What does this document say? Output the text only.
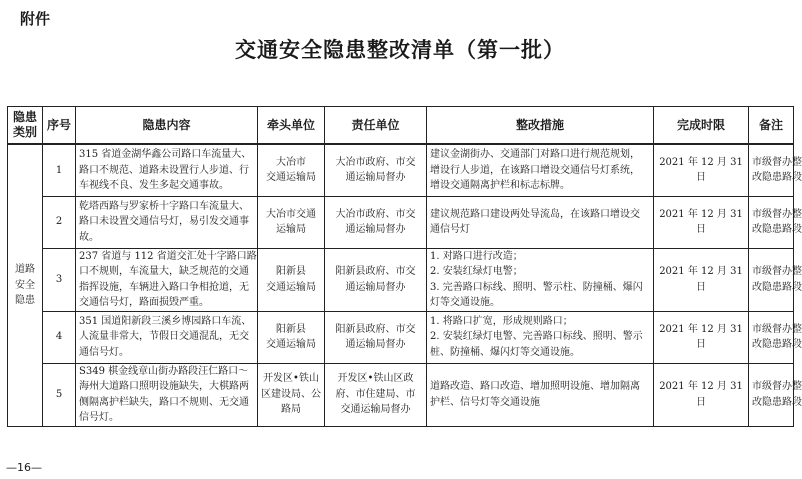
附件
交通安全隐患整改清单（第一批）
隐患
类别	序号	隐患内容	牵头单位	责任单位	整改措施	完成时限	备注

道路
安全
隐患	1	315 省道金湖华鑫公司路口车流量大、
路口不规范、道路未设置行人步道、行
车视线不良、发生多起交通事故。	大冶市
交通运输局	大冶市政府、市交
通运输局督办	建议金湖街办、交通部门对路口进行规范规划，
增设行人步道，在该路口增设交通信号灯系统，
增设交通隔离护栏和标志标牌。	2021 年 12 月 31 日	市级督办整
改隐患路段

	2	乾塔西路与罗家桥十字路口车流量大、
路口未设置交通信号灯，易引发交通事
故。	大冶市交通
运输局	大冶市政府、市交
通运输局督办	建议规范路口建设两处导流岛，在该路口增设交
通信号灯	2021 年 12 月 31 日	市级督办整
改隐患路段

	3	237 省道与 112 省道交汇处十字路口路
口不规则，车流量大，缺乏规范的交通
指挥设施，车辆进入路口争相抢道，无
交通信号灯，路面损毁严重。	阳新县
交通运输局	阳新县政府、市交
通运输局督办	1. 对路口进行改造；
2. 安装红绿灯电警；
3. 完善路口标线、照明、警示柱、防撞桶、爆闪
灯等交通设施。	2021 年 12 月 31 日	市级督办整
改隐患路段

	4	351 国道阳新段三溪乡博园路口车流、
人流量非常大，节假日交通混乱，无交
通信号灯。	阳新县
交通运输局	阳新县政府、市交
通运输局督办	1. 将路口扩宽，形成规则路口；
2. 安装红绿灯电警、完善路口标线、照明、警示
桩、防撞桶、爆闪灯等交通设施。	2021 年 12 月 31 日	市级督办整
改隐患路段

	5	S349 棋金线章山街办路段汪仁路口～
海州大道路口照明设施缺失，大棋路两
侧隔离护栏缺失，路口不规则、无交通
信号灯。	开发区•铁山
区建设局、公
路局	开发区•铁山区政
府、市住建局、市
交通运输局督办	道路改造、路口改造、增加照明设施、增加隔离
护栏、信号灯等交通设施	2021 年 12 月 31 日	市级督办整
改隐患路段
—16—
